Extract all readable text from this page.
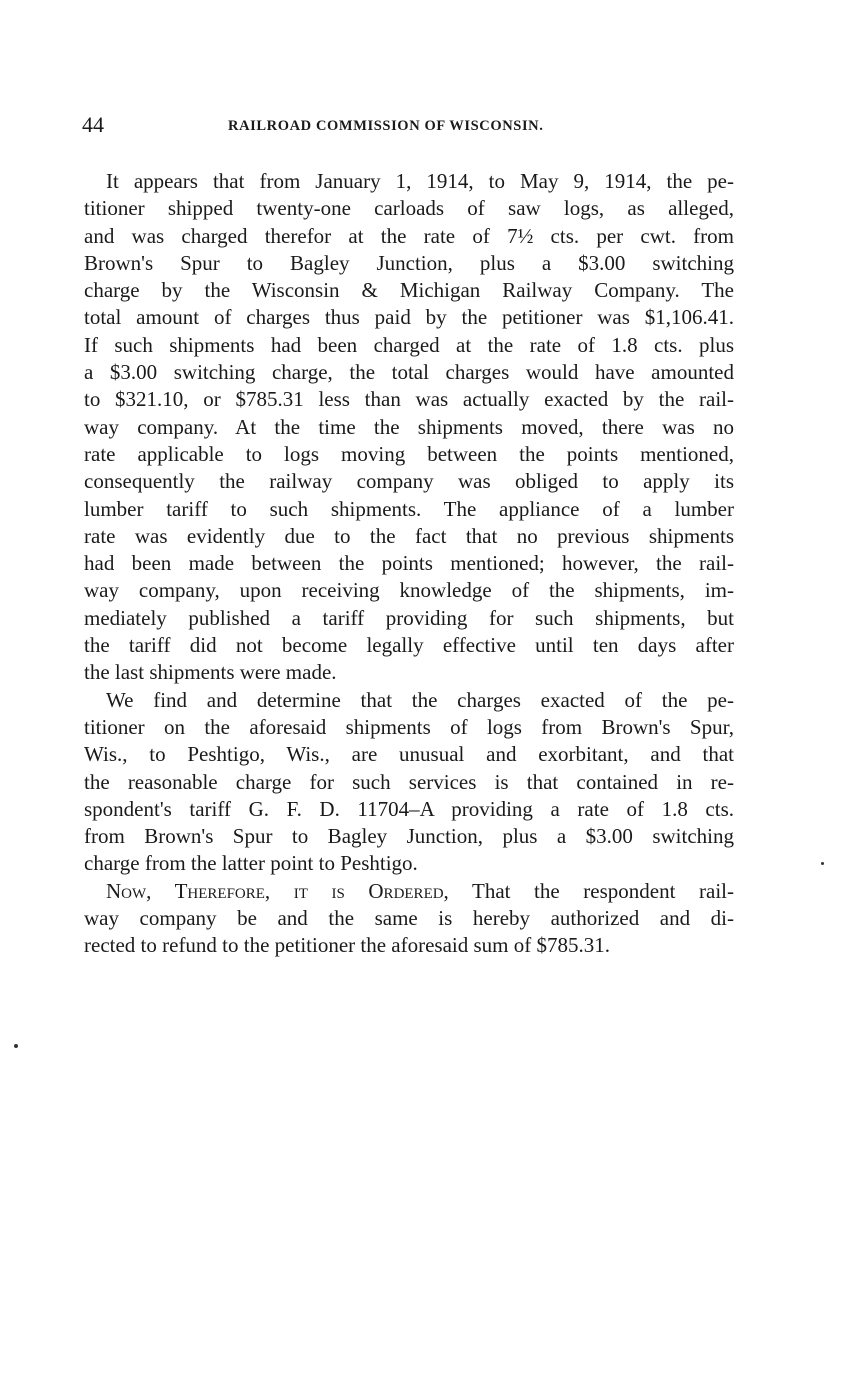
44	RAILROAD COMMISSION OF WISCONSIN.
It appears that from January 1, 1914, to May 9, 1914, the pe-
titioner shipped twenty-one carloads of saw logs, as alleged,
and was charged therefor at the rate of 7½ cts. per cwt. from
Brown's Spur to Bagley Junction, plus a $3.00 switching
charge by the Wisconsin & Michigan Railway Company. The
total amount of charges thus paid by the petitioner was $1,106.41.
If such shipments had been charged at the rate of 1.8 cts. plus
a $3.00 switching charge, the total charges would have amounted
to $321.10, or $785.31 less than was actually exacted by the rail-
way company. At the time the shipments moved, there was no
rate applicable to logs moving between the points mentioned,
consequently the railway company was obliged to apply its
lumber tariff to such shipments. The appliance of a lumber
rate was evidently due to the fact that no previous shipments
had been made between the points mentioned; however, the rail-
way company, upon receiving knowledge of the shipments, im-
mediately published a tariff providing for such shipments, but
the tariff did not become legally effective until ten days after
the last shipments were made.
We find and determine that the charges exacted of the pe-
titioner on the aforesaid shipments of logs from Brown's Spur,
Wis., to Peshtigo, Wis., are unusual and exorbitant, and that
the reasonable charge for such services is that contained in re-
spondent's tariff G. F. D. 11704–A providing a rate of 1.8 cts.
from Brown's Spur to Bagley Junction, plus a $3.00 switching
charge from the latter point to Peshtigo.
Now, Therefore, it is Ordered, That the respondent rail-
way company be and the same is hereby authorized and di-
rected to refund to the petitioner the aforesaid sum of $785.31.
